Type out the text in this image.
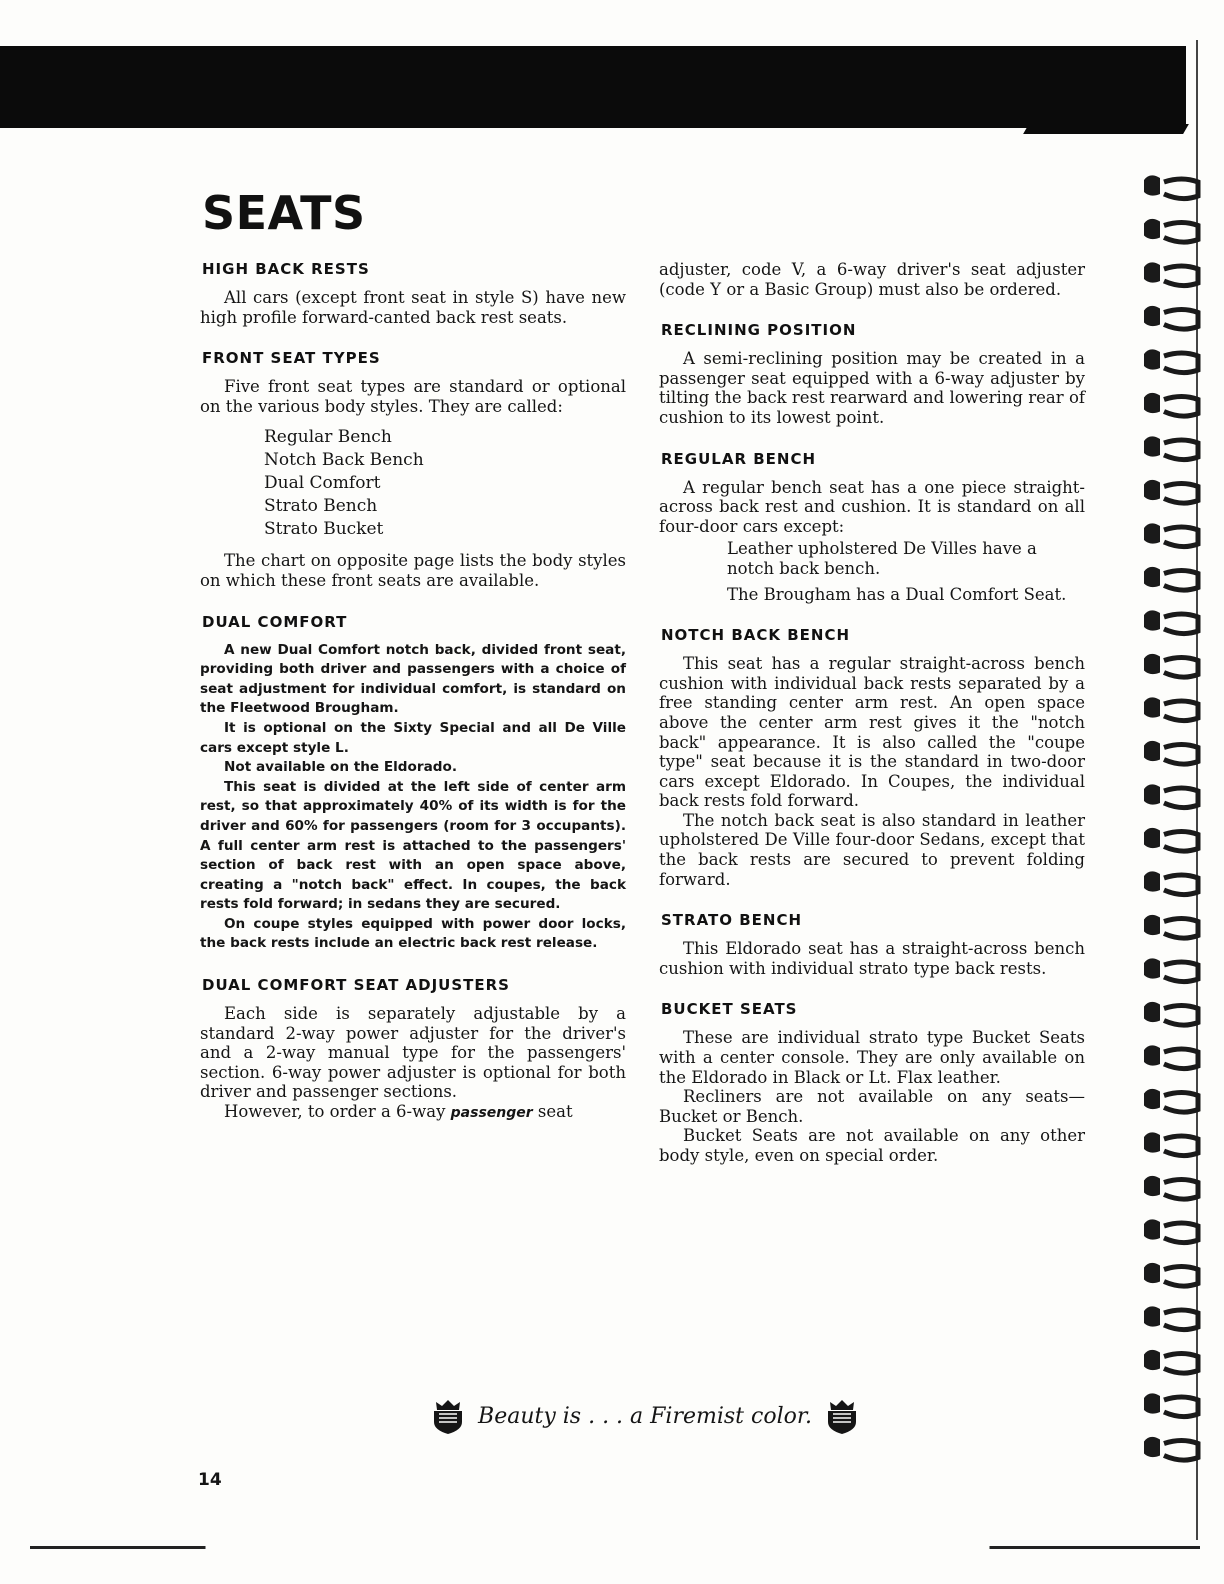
SEATS
HIGH BACK RESTS

All cars (except front seat in style S) have new high profile forward-canted back rest seats.

FRONT SEAT TYPES

Five front seat types are standard or optional on the various body styles. They are called:

Regular Bench
Notch Back Bench
Dual Comfort
Strato Bench
Strato Bucket

The chart on opposite page lists the body styles on which these front seats are available.

DUAL COMFORT

A new Dual Comfort notch back, divided front seat, providing both driver and passengers with a choice of seat adjustment for individual comfort, is standard on the Fleetwood Brougham.

It is optional on the Sixty Special and all De Ville cars except style L.

Not available on the Eldorado.

This seat is divided at the left side of center arm rest, so that approximately 40% of its width is for the driver and 60% for passengers (room for 3 occupants). A full center arm rest is attached to the passengers' section of back rest with an open space above, creating a "notch back" effect. In coupes, the back rests fold forward; in sedans they are secured.

On coupe styles equipped with power door locks, the back rests include an electric back rest release.

DUAL COMFORT SEAT ADJUSTERS

Each side is separately adjustable by a standard 2-way power adjuster for the driver's and a 2-way manual type for the passengers' section. 6-way power adjuster is optional for both driver and passenger sections.

However, to order a 6-way passenger seat

adjuster, code V, a 6-way driver's seat adjuster (code Y or a Basic Group) must also be ordered.

RECLINING POSITION

A semi-reclining position may be created in a passenger seat equipped with a 6-way adjuster by tilting the back rest rearward and lowering rear of cushion to its lowest point.

REGULAR BENCH

A regular bench seat has a one piece straight-across back rest and cushion. It is standard on all four-door cars except:

Leather upholstered De Villes have a notch back bench.

The Brougham has a Dual Comfort Seat.

NOTCH BACK BENCH

This seat has a regular straight-across bench cushion with individual back rests separated by a free standing center arm rest. An open space above the center arm rest gives it the "notch back" appearance. It is also called the "coupe type" seat because it is the standard in two-door cars except Eldorado. In Coupes, the individual back rests fold forward.

The notch back seat is also standard in leather upholstered De Ville four-door Sedans, except that the back rests are secured to prevent folding forward.

STRATO BENCH

This Eldorado seat has a straight-across bench cushion with individual strato type back rests.

BUCKET SEATS

These are individual strato type Bucket Seats with a center console. They are only available on the Eldorado in Black or Lt. Flax leather.

Recliners are not available on any seats—Bucket or Bench.

Bucket Seats are not available on any other body style, even on special order.

Beauty is . . . a Firemist color.
14
